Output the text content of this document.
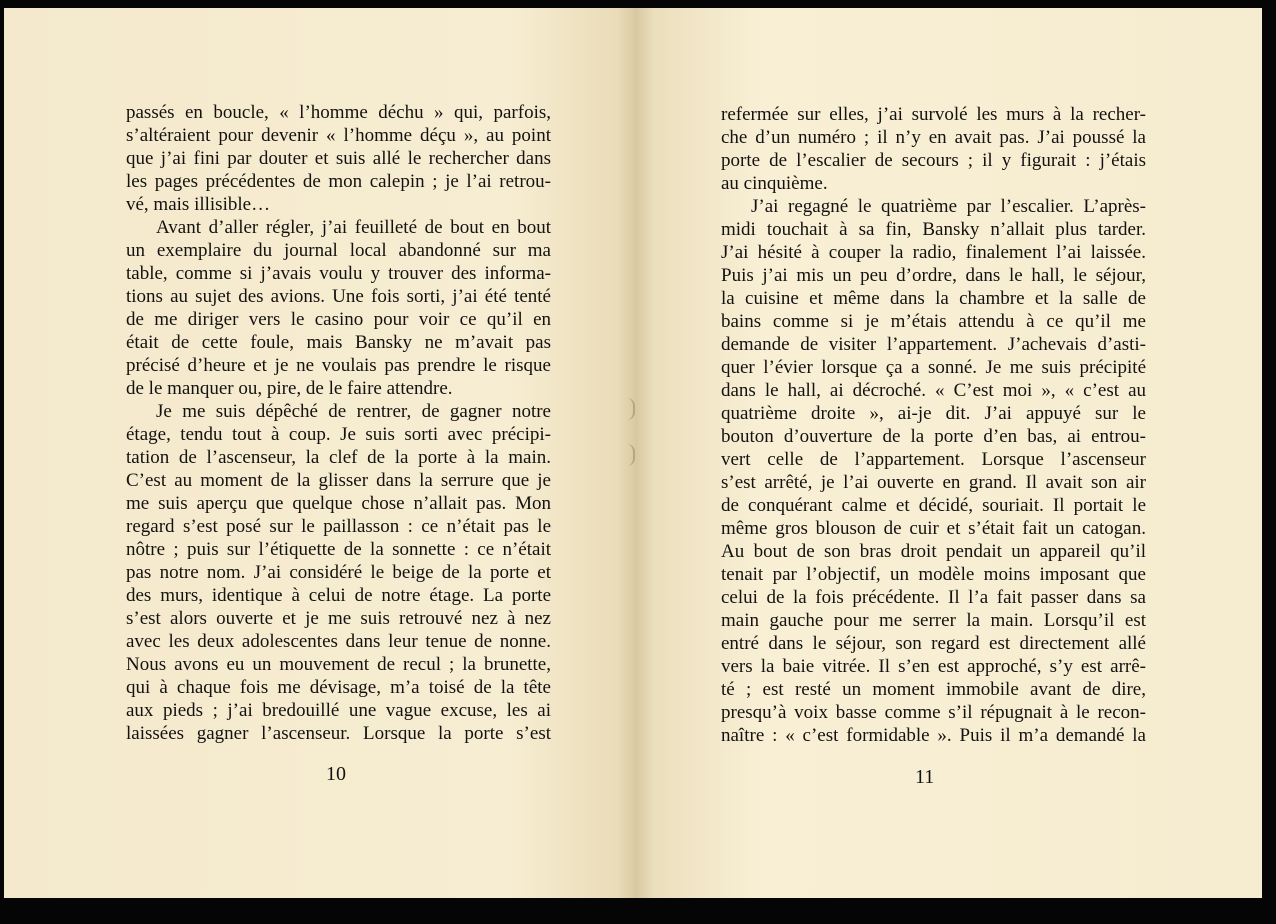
passés en boucle, « l’homme déchu » qui, parfois,
s’altéraient pour devenir « l’homme déçu », au point
que j’ai fini par douter et suis allé le rechercher dans
les pages précédentes de mon calepin ; je l’ai retrou-
vé, mais illisible…
Avant d’aller régler, j’ai feuilleté de bout en bout
un exemplaire du journal local abandonné sur ma
table, comme si j’avais voulu y trouver des informa-
tions au sujet des avions. Une fois sorti, j’ai été tenté
de me diriger vers le casino pour voir ce qu’il en
était de cette foule, mais Bansky ne m’avait pas
précisé d’heure et je ne voulais pas prendre le risque
de le manquer ou, pire, de le faire attendre.
Je me suis dépêché de rentrer, de gagner notre
étage, tendu tout à coup. Je suis sorti avec précipi-
tation de l’ascenseur, la clef de la porte à la main.
C’est au moment de la glisser dans la serrure que je
me suis aperçu que quelque chose n’allait pas. Mon
regard s’est posé sur le paillasson : ce n’était pas le
nôtre ; puis sur l’étiquette de la sonnette : ce n’était
pas notre nom. J’ai considéré le beige de la porte et
des murs, identique à celui de notre étage. La porte
s’est alors ouverte et je me suis retrouvé nez à nez
avec les deux adolescentes dans leur tenue de nonne.
Nous avons eu un mouvement de recul ; la brunette,
qui à chaque fois me dévisage, m’a toisé de la tête
aux pieds ; j’ai bredouillé une vague excuse, les ai
laissées gagner l’ascenseur. Lorsque la porte s’est
10
refermée sur elles, j’ai survolé les murs à la recher-
che d’un numéro ; il n’y en avait pas. J’ai poussé la
porte de l’escalier de secours ; il y figurait : j’étais
au cinquième.
J’ai regagné le quatrième par l’escalier. L’après-
midi touchait à sa fin, Bansky n’allait plus tarder.
J’ai hésité à couper la radio, finalement l’ai laissée.
Puis j’ai mis un peu d’ordre, dans le hall, le séjour,
la cuisine et même dans la chambre et la salle de
bains comme si je m’étais attendu à ce qu’il me
demande de visiter l’appartement. J’achevais d’asti-
quer l’évier lorsque ça a sonné. Je me suis précipité
dans le hall, ai décroché. « C’est moi », « c’est au
quatrième droite », ai-je dit. J’ai appuyé sur le
bouton d’ouverture de la porte d’en bas, ai entrou-
vert celle de l’appartement. Lorsque l’ascenseur
s’est arrêté, je l’ai ouverte en grand. Il avait son air
de conquérant calme et décidé, souriait. Il portait le
même gros blouson de cuir et s’était fait un catogan.
Au bout de son bras droit pendait un appareil qu’il
tenait par l’objectif, un modèle moins imposant que
celui de la fois précédente. Il l’a fait passer dans sa
main gauche pour me serrer la main. Lorsqu’il est
entré dans le séjour, son regard est directement allé
vers la baie vitrée. Il s’en est approché, s’y est arrê-
té ; est resté un moment immobile avant de dire,
presqu’à voix basse comme s’il répugnait à le recon-
naître : « c’est formidable ». Puis il m’a demandé la
11
